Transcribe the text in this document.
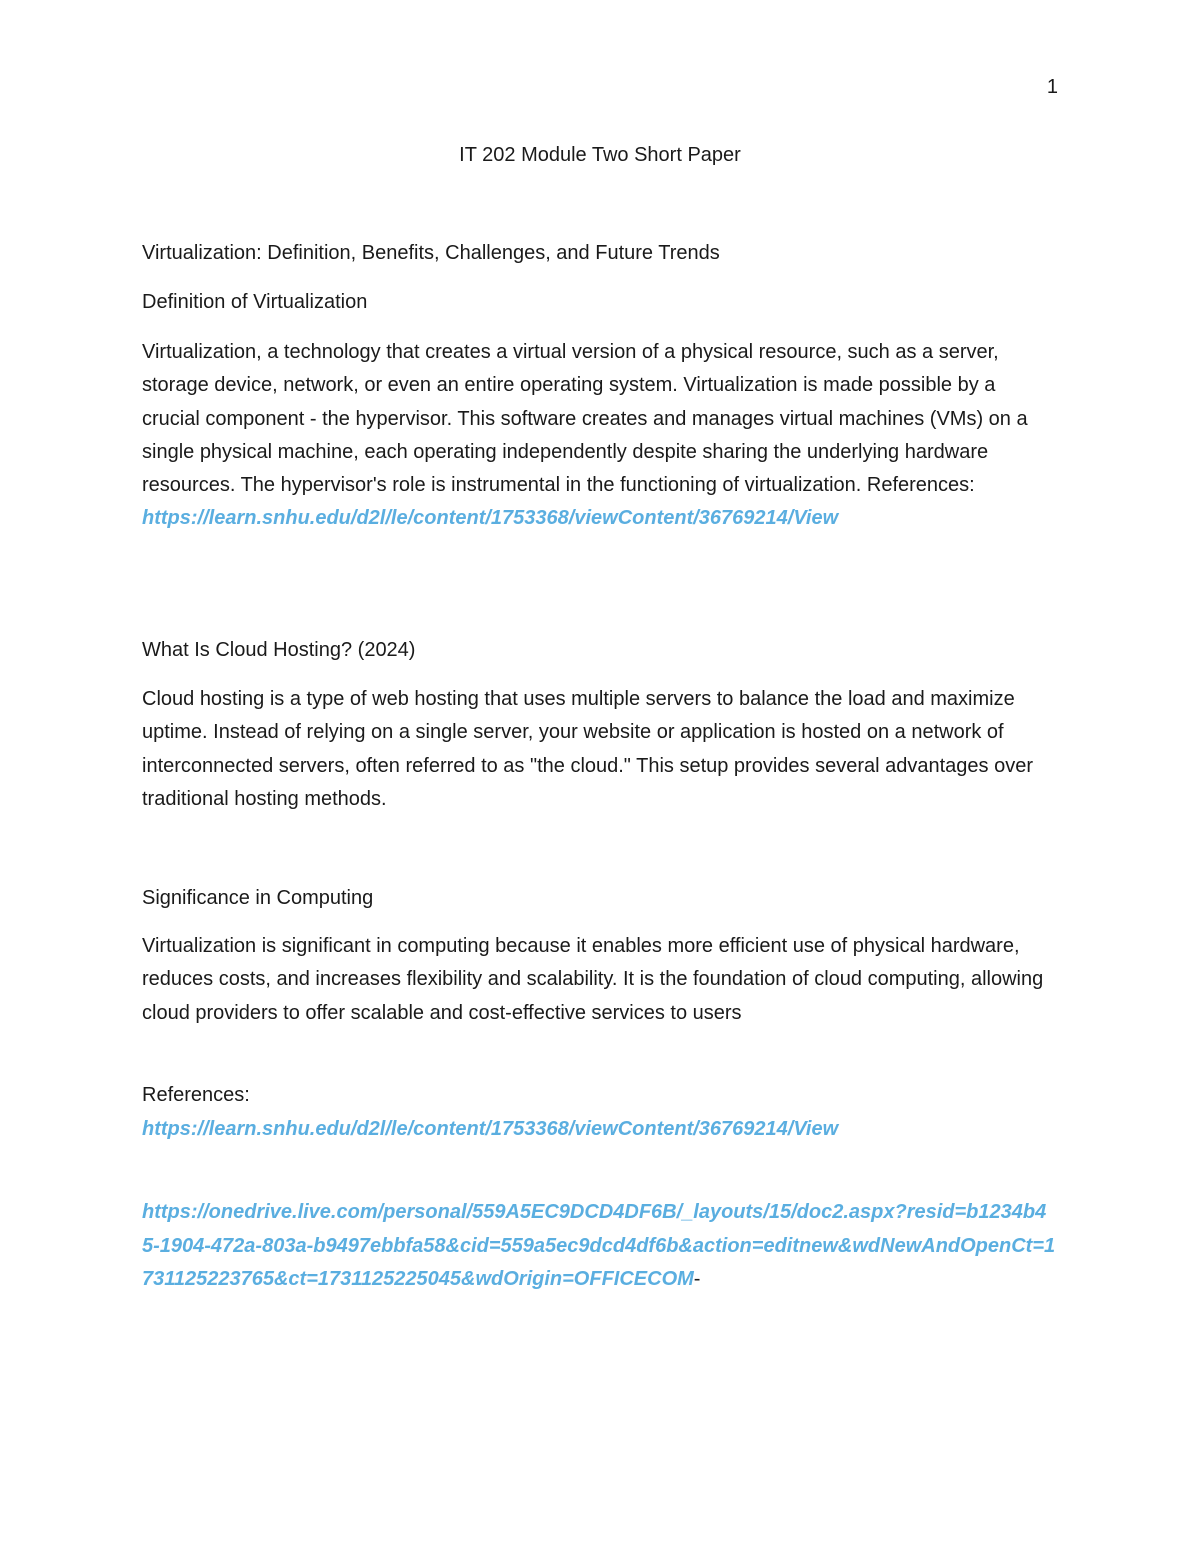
1
IT 202 Module Two Short Paper
Virtualization: Definition, Benefits, Challenges, and Future Trends
Definition of Virtualization

Virtualization, a technology that creates a virtual version of a physical resource, such as a server, storage device, network, or even an entire operating system. Virtualization is made possible by a crucial component - the hypervisor. This software creates and manages virtual machines (VMs) on a single physical machine, each operating independently despite sharing the underlying hardware resources. The hypervisor's role is instrumental in the functioning of virtualization. References: https://learn.snhu.edu/d2l/le/content/1753368/viewContent/36769214/View

What Is Cloud Hosting? (2024)

Cloud hosting is a type of web hosting that uses multiple servers to balance the load and maximize uptime. Instead of relying on a single server, your website or application is hosted on a network of interconnected servers, often referred to as "the cloud." This setup provides several advantages over traditional hosting methods.

Significance in Computing

Virtualization is significant in computing because it enables more efficient use of physical hardware, reduces costs, and increases flexibility and scalability. It is the foundation of cloud computing, allowing cloud providers to offer scalable and cost-effective services to users

References:
https://learn.snhu.edu/d2l/le/content/1753368/viewContent/36769214/View

https://onedrive.live.com/personal/559A5EC9DCD4DF6B/_layouts/15/doc2.aspx?resid=b1234b45-1904-472a-803a-b9497ebbfa58&cid=559a5ec9dcd4df6b&action=editnew&wdNewAndOpenCt=1731125223765&ct=1731125225045&wdOrigin=OFFICECOM-
